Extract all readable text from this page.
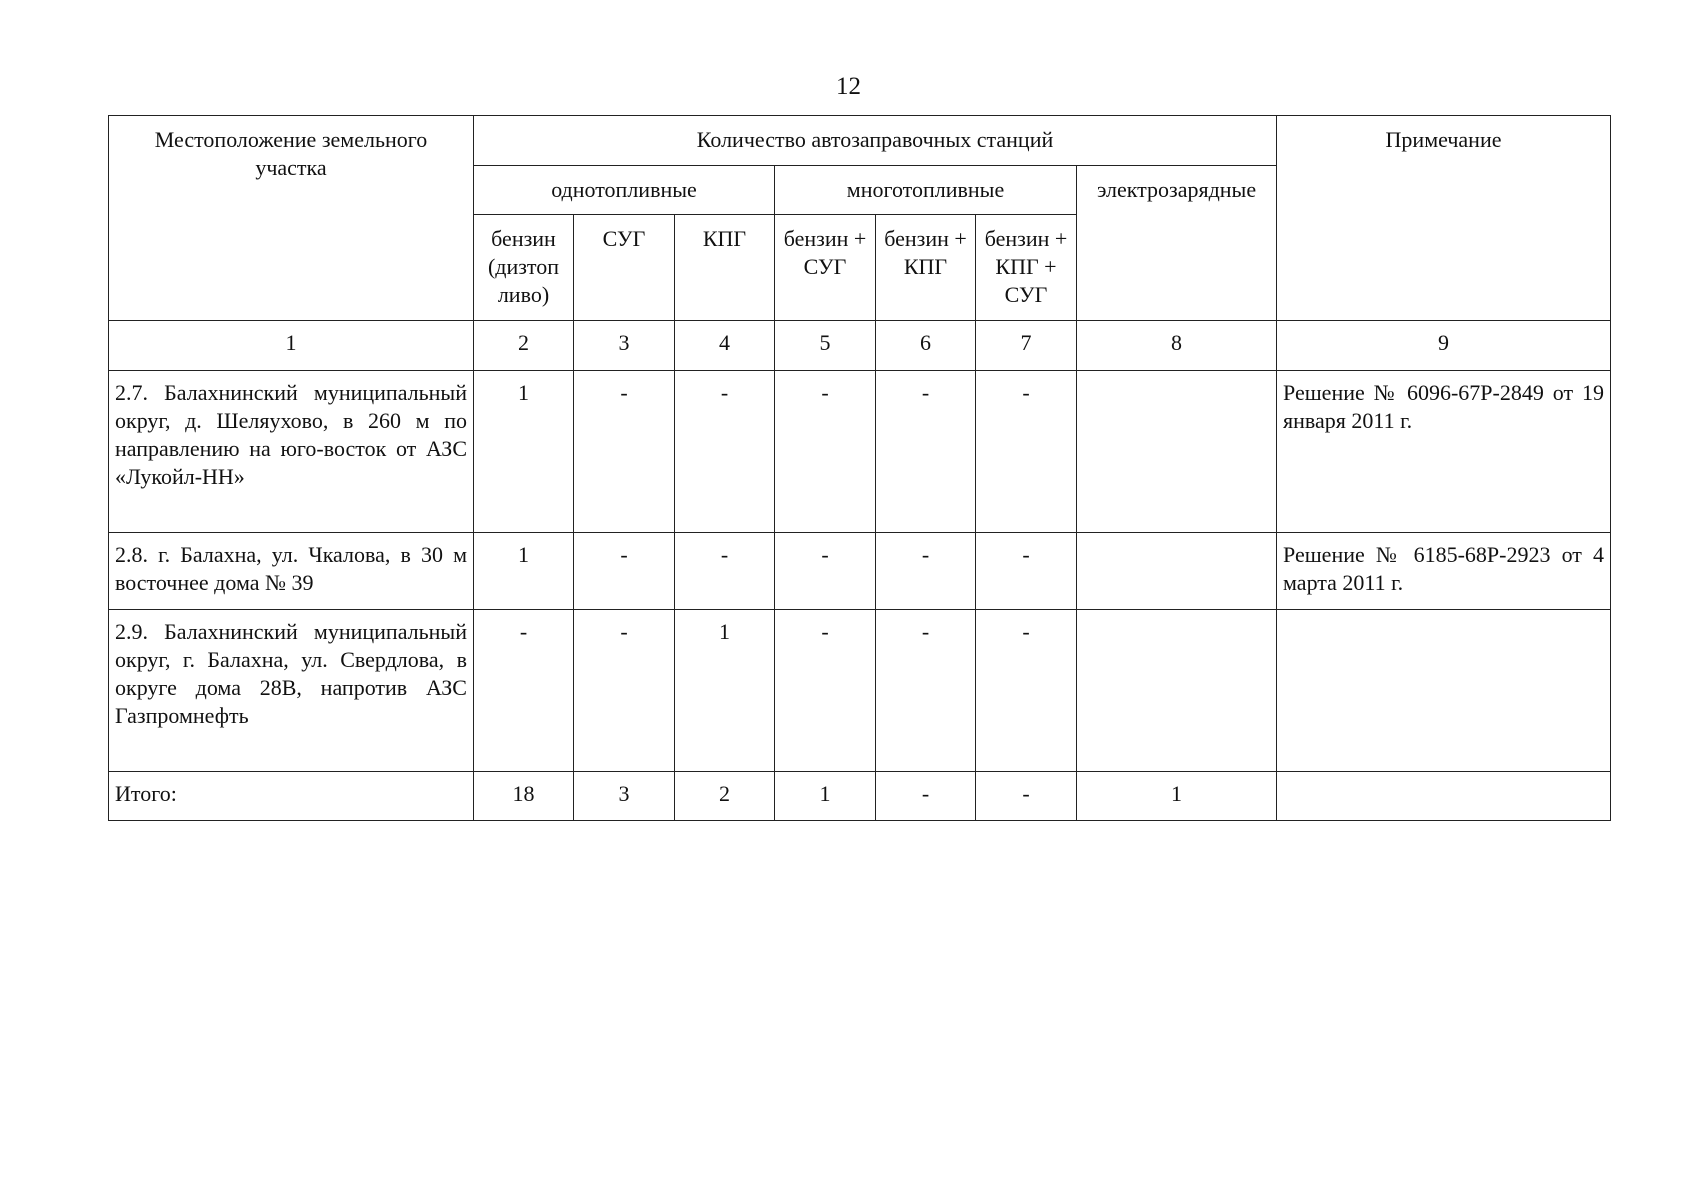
12
Местоположение земельного участка	Количество автозаправочных станций							Примечание
	однотопливные			многотопливные			электрозарядные	
	бензин (дизтоп ливо)	СУГ	КПГ	бензин + СУГ	бензин + КПГ	бензин + КПГ + СУГ		
1	2	3	4	5	6	7	8	9
2.7. Балахнинский муниципальный округ, д. Шеляухово, в 260 м по направлению на юго-восток от АЗС «Лукойл-НН»	1	-	-	-	-	-		Решение № 6096-67Р-2849 от 19 января 2011 г.
2.8. г. Балахна, ул. Чкалова, в 30 м восточнее дома № 39	1	-	-	-	-	-		Решение № 6185-68Р-2923 от 4 марта 2011 г.
2.9. Балахнинский муниципальный округ, г. Балахна, ул. Свердлова, в округе дома 28В, напротив АЗС Газпромнефть	-	-	1	-	-	-		
Итого:	18	3	2	1	-	-	1	
